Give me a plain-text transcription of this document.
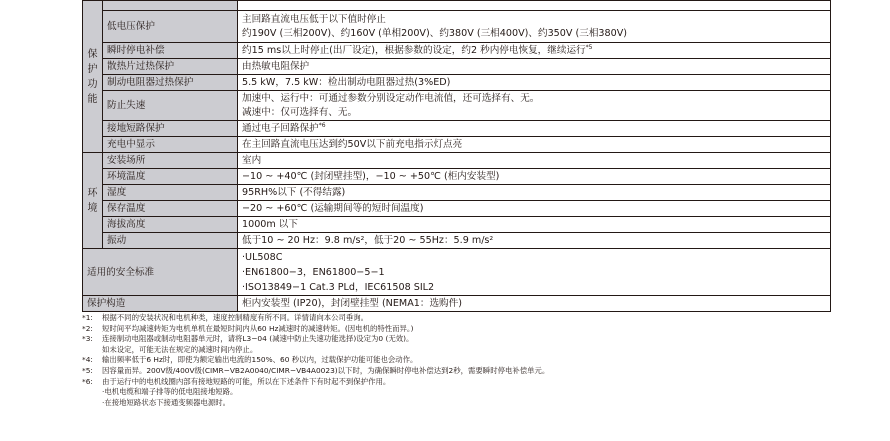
保
护
功
能		

	低电压保护	主回路直流电压低于以下值时停止
约190V (三相200V)、约160V (单相200V)、约380V (三相400V)、约350V (三相380V)

	瞬时停电补偿	约15 ms以上时停止(出厂设定)，根据参数的设定，约2 秒内停电恢复，继续运行$^{*5}$
	散热片过热保护	由热敏电阻保护
	制动电阻器过热保护	5.5 kW，7.5 kW：检出制动电阻器过热(3%ED)
	防止失速	加速中、运行中：可通过参数分别设定动作电流值，还可选择有、无。
减速中：仅可选择有、无。

	接地短路保护	通过电子回路保护$^{*6}$
	充电中显示	在主回路直流电压达到约50V以下前充电指示灯点亮

环
境	安装场所	室内
	环境温度	−10 ~ +40℃ (封闭壁挂型)，−10 ~ +50℃ (柜内安装型)
	湿度	95RH%以下 (不得结露)
	保存温度	−20 ~ +60℃ (运输期间等的短时间温度)
	海拔高度	1000m 以下
	振动	低于10 ~ 20 Hz：9.8 m/s²，低于20 ~ 55Hz：5.9 m/s²
适用的安全标准		·UL508C
·EN61800−3，EN61800−5−1
·ISO13849−1 Cat.3 PLd，IEC61508 SIL2

保护构造		柜内安装型 (IP20)，封闭壁挂型 (NEMA1：选购件)
*1:	根据不同的安装状况和电机种类，速度控制精度有所不同。详情请向本公司垂询。
*2:	短时间平均减速转矩为电机单机在最短时间内从60 Hz减速时的减速转矩。(因电机的特性而异。)
*3:	连接制动电阻器或制动电阻器单元时，请将L3−04 (减速中防止失速功能选择)设定为0 (无效)。
如未设定，可能无法在规定的减速时间内停止。
*4:	输出频率低于6 Hz时，即使为额定输出电流的150%、60 秒以内，过载保护功能可能也会动作。
*5:	因容量而异。200V级/400V级(CIMR−VB2A0040/CIMR−VB4A0023)以下时，为确保瞬时停电补偿达到2秒，需要瞬时停电补偿单元。
*6:	由于运行中的电机线圈内部有接地短路的可能，所以在下述条件下有时起不到保护作用。
·电机电缆和端子排等的低电阻接地短路。
·在接地短路状态下接通变频器电源时。
